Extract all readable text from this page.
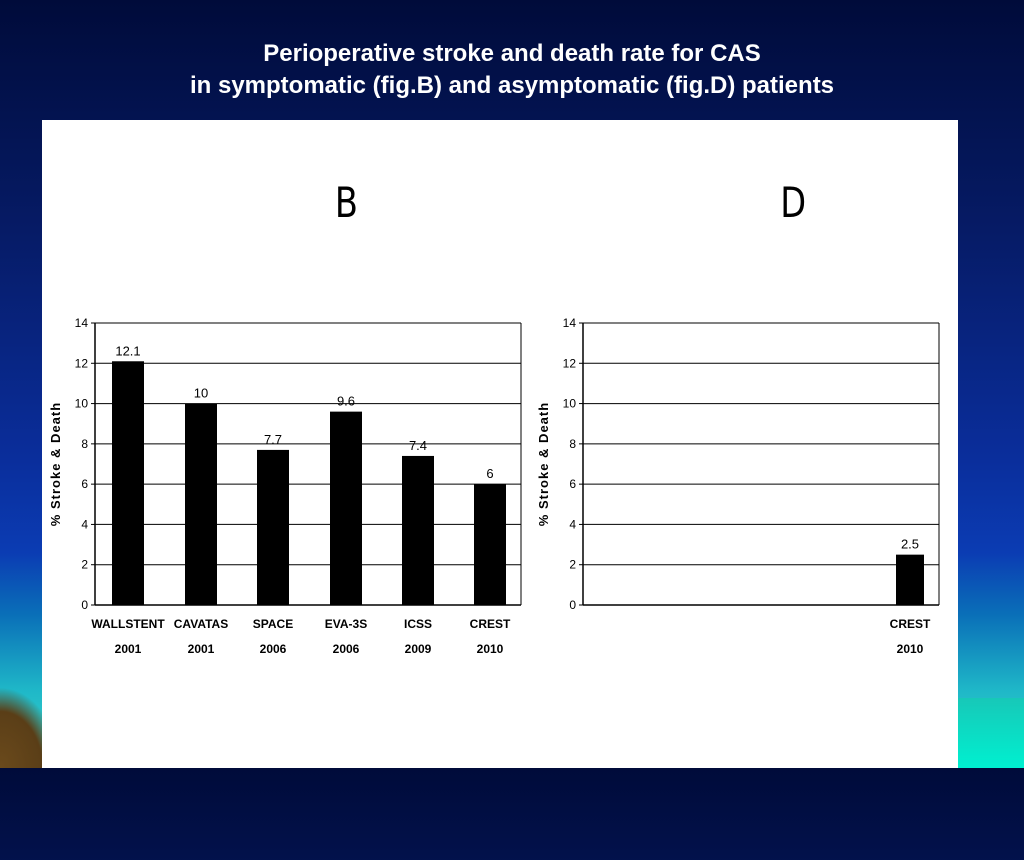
Perioperative stroke and death rate for CAS
in symptomatic (fig.B) and asymptomatic (fig.D) patients
B	D
0
2
4
6
8
10
12
14
% Stroke & Death
12.1
WALLSTENT
2001
10
CAVATAS
2001
7.7
SPACE
2006
9.6
EVA-3S
2006
7.4
ICSS
2009
6
CREST
2010
0
2
4
6
8
10
12
14
% Stroke & Death
2.5
CREST
2010
